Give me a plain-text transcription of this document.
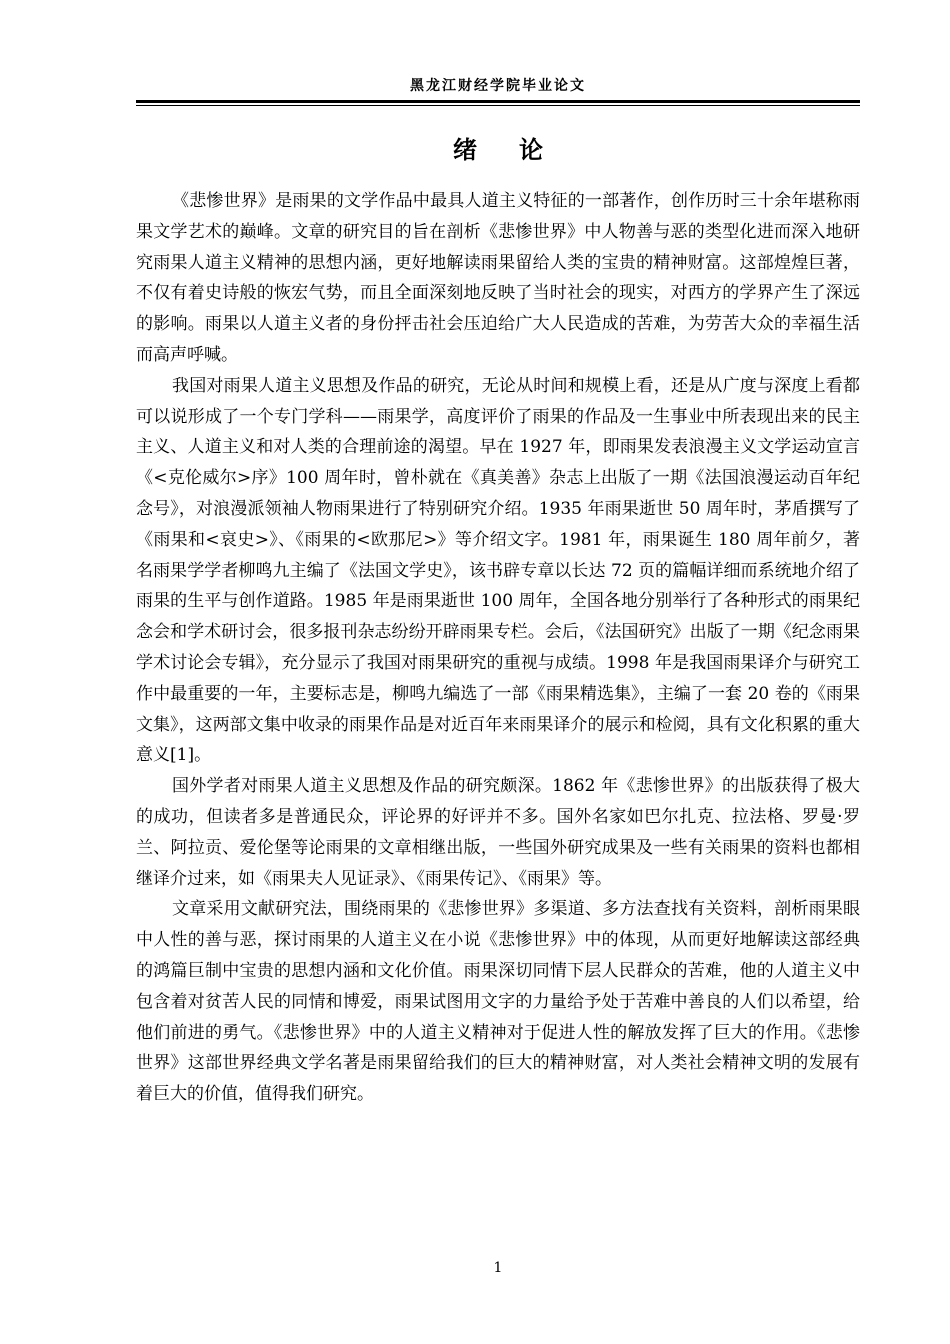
黑龙江财经学院毕业论文
绪 论

《悲惨世界》是雨果的文学作品中最具人道主义特征的一部著作，创作历时三十余年堪称雨果文学艺术的巅峰。文章的研究目的旨在剖析《悲惨世界》中人物善与恶的类型化进而深入地研究雨果人道主义精神的思想内涵，更好地解读雨果留给人类的宝贵的精神财富。这部煌煌巨著，不仅有着史诗般的恢宏气势，而且全面深刻地反映了当时社会的现实，对西方的学界产生了深远的影响。雨果以人道主义者的身份抨击社会压迫给广大人民造成的苦难，为劳苦大众的幸福生活而高声呼喊。

我国对雨果人道主义思想及作品的研究，无论从时间和规模上看，还是从广度与深度上看都可以说形成了一个专门学科——雨果学，高度评价了雨果的作品及一生事业中所表现出来的民主主义、人道主义和对人类的合理前途的渴望。早在 1927 年，即雨果发表浪漫主义文学运动宣言《<克伦威尔>序》100 周年时，曾朴就在《真美善》杂志上出版了一期《法国浪漫运动百年纪念号》，对浪漫派领袖人物雨果进行了特别研究介绍。1935 年雨果逝世 50 周年时，茅盾撰写了《雨果和<哀史>》、《雨果的<欧那尼>》等介绍文字。1981 年，雨果诞生 180 周年前夕，著名雨果学学者柳鸣九主编了《法国文学史》，该书辟专章以长达 72 页的篇幅详细而系统地介绍了雨果的生平与创作道路。1985 年是雨果逝世 100 周年，全国各地分别举行了各种形式的雨果纪念会和学术研讨会，很多报刊杂志纷纷开辟雨果专栏。会后，《法国研究》出版了一期《纪念雨果学术讨论会专辑》，充分显示了我国对雨果研究的重视与成绩。1998 年是我国雨果译介与研究工作中最重要的一年，主要标志是，柳鸣九编选了一部《雨果精选集》，主编了一套 20 卷的《雨果文集》，这两部文集中收录的雨果作品是对近百年来雨果译介的展示和检阅，具有文化积累的重大意义[1]。

国外学者对雨果人道主义思想及作品的研究颇深。1862 年《悲惨世界》的出版获得了极大的成功，但读者多是普通民众，评论界的好评并不多。国外名家如巴尔扎克、拉法格、罗曼·罗兰、阿拉贡、爱伦堡等论雨果的文章相继出版，一些国外研究成果及一些有关雨果的资料也都相继译介过来，如《雨果夫人见证录》、《雨果传记》、《雨果》等。

文章采用文献研究法，围绕雨果的《悲惨世界》多渠道、多方法查找有关资料，剖析雨果眼中人性的善与恶，探讨雨果的人道主义在小说《悲惨世界》中的体现，从而更好地解读这部经典的鸿篇巨制中宝贵的思想内涵和文化价值。雨果深切同情下层人民群众的苦难，他的人道主义中包含着对贫苦人民的同情和博爱，雨果试图用文字的力量给予处于苦难中善良的人们以希望，给他们前进的勇气。《悲惨世界》中的人道主义精神对于促进人性的解放发挥了巨大的作用。《悲惨世界》这部世界经典文学名著是雨果留给我们的巨大的精神财富，对人类社会精神文明的发展有着巨大的价值，值得我们研究。

1
